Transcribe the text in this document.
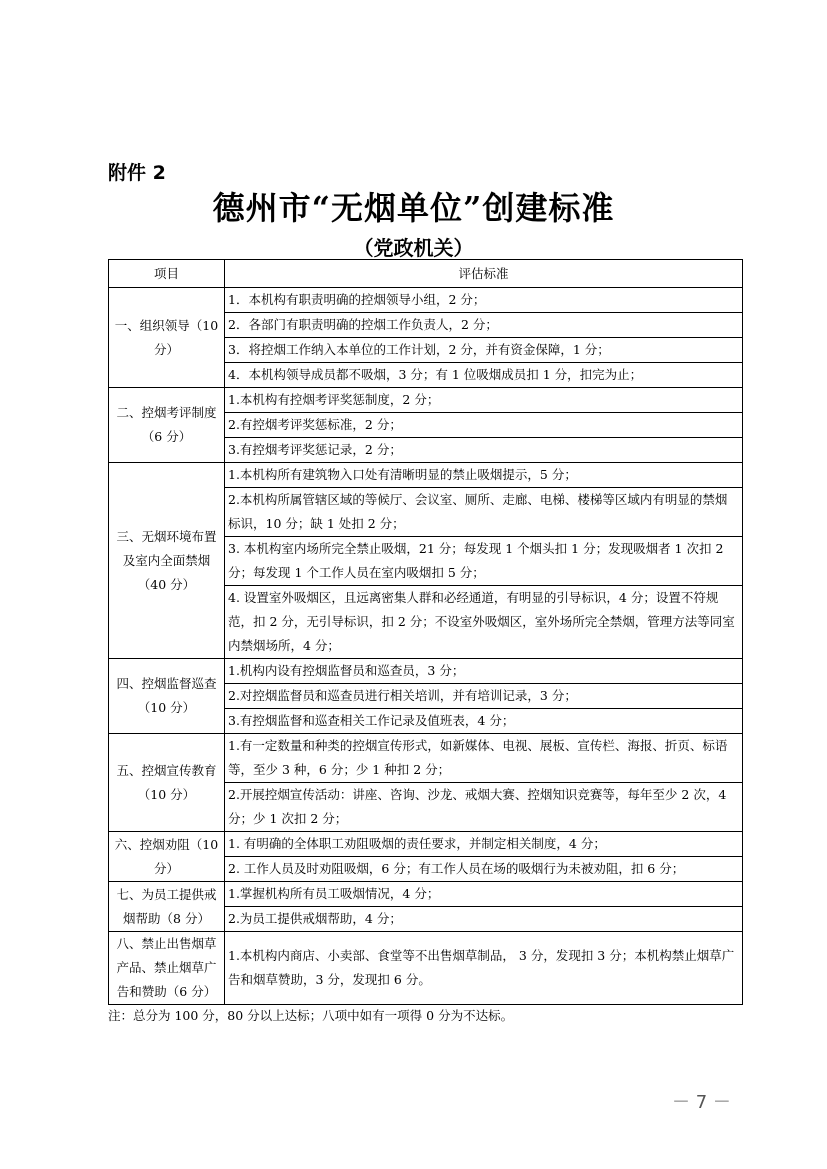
附件 2
德州市“无烟单位”创建标准
（党政机关）
项目	评估标准
一、组织领导（10 分）	1．本机构有职责明确的控烟领导小组，2 分；
	2．各部门有职责明确的控烟工作负责人，2 分；
	3．将控烟工作纳入本单位的工作计划，2 分，并有资金保障，1 分；
	4．本机构领导成员都不吸烟，3 分；有 1 位吸烟成员扣 1 分，扣完为止；
二、控烟考评制度（6 分）	1.本机构有控烟考评奖惩制度，2 分；
	2.有控烟考评奖惩标准，2 分；
	3.有控烟考评奖惩记录，2 分；
三、无烟环境布置及室内全面禁烟（40 分）	1.本机构所有建筑物入口处有清晰明显的禁止吸烟提示，5 分；
	2.本机构所属管辖区域的等候厅、会议室、厕所、走廊、电梯、楼梯等区域内有明显的禁烟标识，10 分；缺 1 处扣 2 分；
	3. 本机构室内场所完全禁止吸烟，21 分；每发现 1 个烟头扣 1 分；发现吸烟者 1 次扣 2 分；每发现 1 个工作人员在室内吸烟扣 5 分；
	4. 设置室外吸烟区，且远离密集人群和必经通道，有明显的引导标识，4 分；设置不符规范，扣 2 分，无引导标识，扣 2 分；不设室外吸烟区，室外场所完全禁烟，管理方法等同室内禁烟场所，4 分；
四、控烟监督巡查（10 分）	1.机构内设有控烟监督员和巡查员，3 分；
	2.对控烟监督员和巡查员进行相关培训，并有培训记录，3 分；
	3.有控烟监督和巡查相关工作记录及值班表，4 分；
五、控烟宣传教育（10 分）	1.有一定数量和种类的控烟宣传形式，如新媒体、电视、展板、宣传栏、海报、折页、标语等，至少 3 种，6 分；少 1 种扣 2 分；
	2.开展控烟宣传活动：讲座、咨询、沙龙、戒烟大赛、控烟知识竞赛等，每年至少 2 次，4 分；少 1 次扣 2 分；
六、控烟劝阻（10分）	1. 有明确的全体职工劝阻吸烟的责任要求，并制定相关制度，4 分；
	2. 工作人员及时劝阻吸烟，6 分；有工作人员在场的吸烟行为未被劝阻，扣 6 分；
七、为员工提供戒烟帮助（8 分）	1.掌握机构所有员工吸烟情况，4 分；
	2.为员工提供戒烟帮助，4 分；
八、禁止出售烟草产品、禁止烟草广告和赞助（6 分）	1.本机构内商店、小卖部、食堂等不出售烟草制品， 3 分，发现扣 3 分；本机构禁止烟草广告和烟草赞助，3 分，发现扣 6 分。
注：总分为 100 分，80 分以上达标；八项中如有一项得 0 分为不达标。
－ 7 －
